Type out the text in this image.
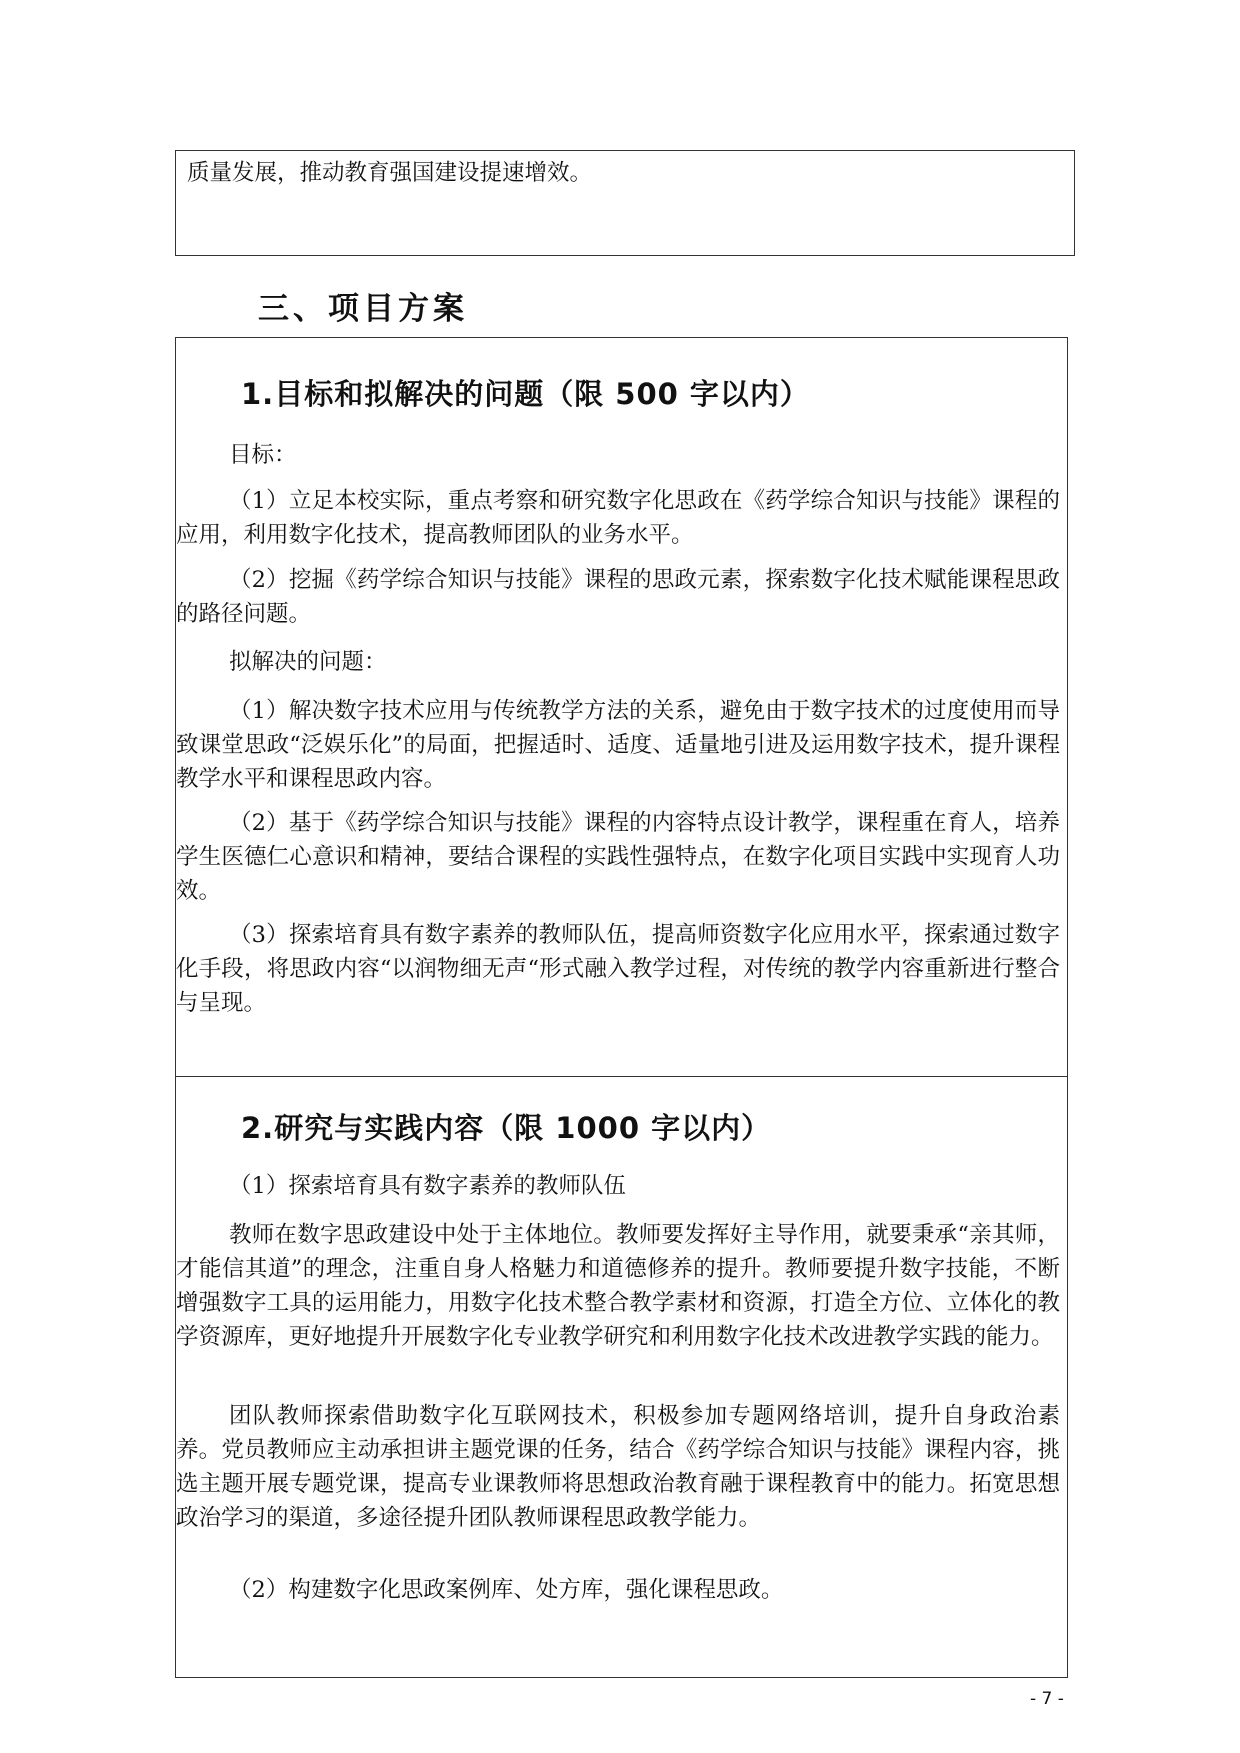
质量发展，推动教育强国建设提速增效。

三、项目方案
1.目标和拟解决的问题（限 500 字以内）

目标：

（1）立足本校实际，重点考察和研究数字化思政在《药学综合知识与技能》课程的应用，利用数字化技术，提高教师团队的业务水平。

（2）挖掘《药学综合知识与技能》课程的思政元素，探索数字化技术赋能课程思政的路径问题。

拟解决的问题：

（1）解决数字技术应用与传统教学方法的关系，避免由于数字技术的过度使用而导致课堂思政“泛娱乐化”的局面，把握适时、适度、适量地引进及运用数字技术，提升课程教学水平和课程思政内容。

（2）基于《药学综合知识与技能》课程的内容特点设计教学，课程重在育人，培养学生医德仁心意识和精神，要结合课程的实践性强特点，在数字化项目实践中实现育人功效。

（3）探索培育具有数字素养的教师队伍，提高师资数字化应用水平，探索通过数字化手段，将思政内容“以润物细无声“形式融入教学过程，对传统的教学内容重新进行整合与呈现。

2.研究与实践内容（限 1000 字以内）

（1）探索培育具有数字素养的教师队伍

教师在数字思政建设中处于主体地位。教师要发挥好主导作用，就要秉承“亲其师，才能信其道”的理念，注重自身人格魅力和道德修养的提升。教师要提升数字技能，不断增强数字工具的运用能力，用数字化技术整合教学素材和资源，打造全方位、立体化的教学资源库，更好地提升开展数字化专业教学研究和利用数字化技术改进教学实践的能力。

团队教师探索借助数字化互联网技术，积极参加专题网络培训，提升自身政治素养。党员教师应主动承担讲主题党课的任务，结合《药学综合知识与技能》课程内容，挑选主题开展专题党课，提高专业课教师将思想政治教育融于课程教育中的能力。拓宽思想政治学习的渠道，多途径提升团队教师课程思政教学能力。

（2）构建数字化思政案例库、处方库，强化课程思政。

- 7 -
